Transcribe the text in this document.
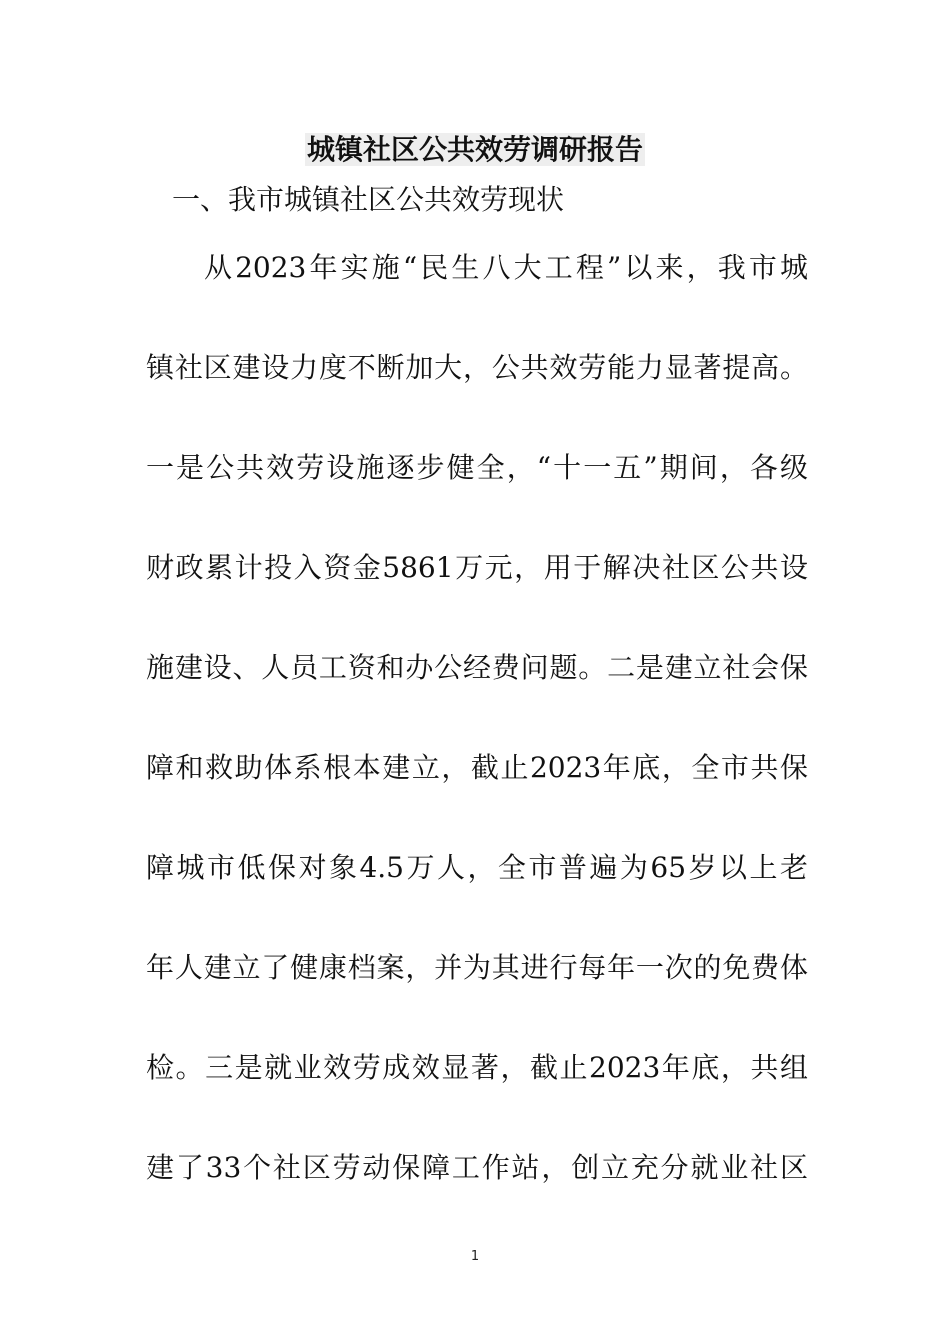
城镇社区公共效劳调研报告
一、我市城镇社区公共效劳现状

从2023年实施“民生八大工程”以来，我市城

镇社区建设力度不断加大，公共效劳能力显著提高。

一是公共效劳设施逐步健全，“十一五”期间，各级

财政累计投入资金5861万元，用于解决社区公共设

施建设、人员工资和办公经费问题。二是建立社会保

障和救助体系根本建立，截止2023年底，全市共保

障城市低保对象4.5万人，全市普遍为65岁以上老

年人建立了健康档案，并为其进行每年一次的免费体

检。三是就业效劳成效显著，截止2023年底，共组

建了33个社区劳动保障工作站，创立充分就业社区

1
